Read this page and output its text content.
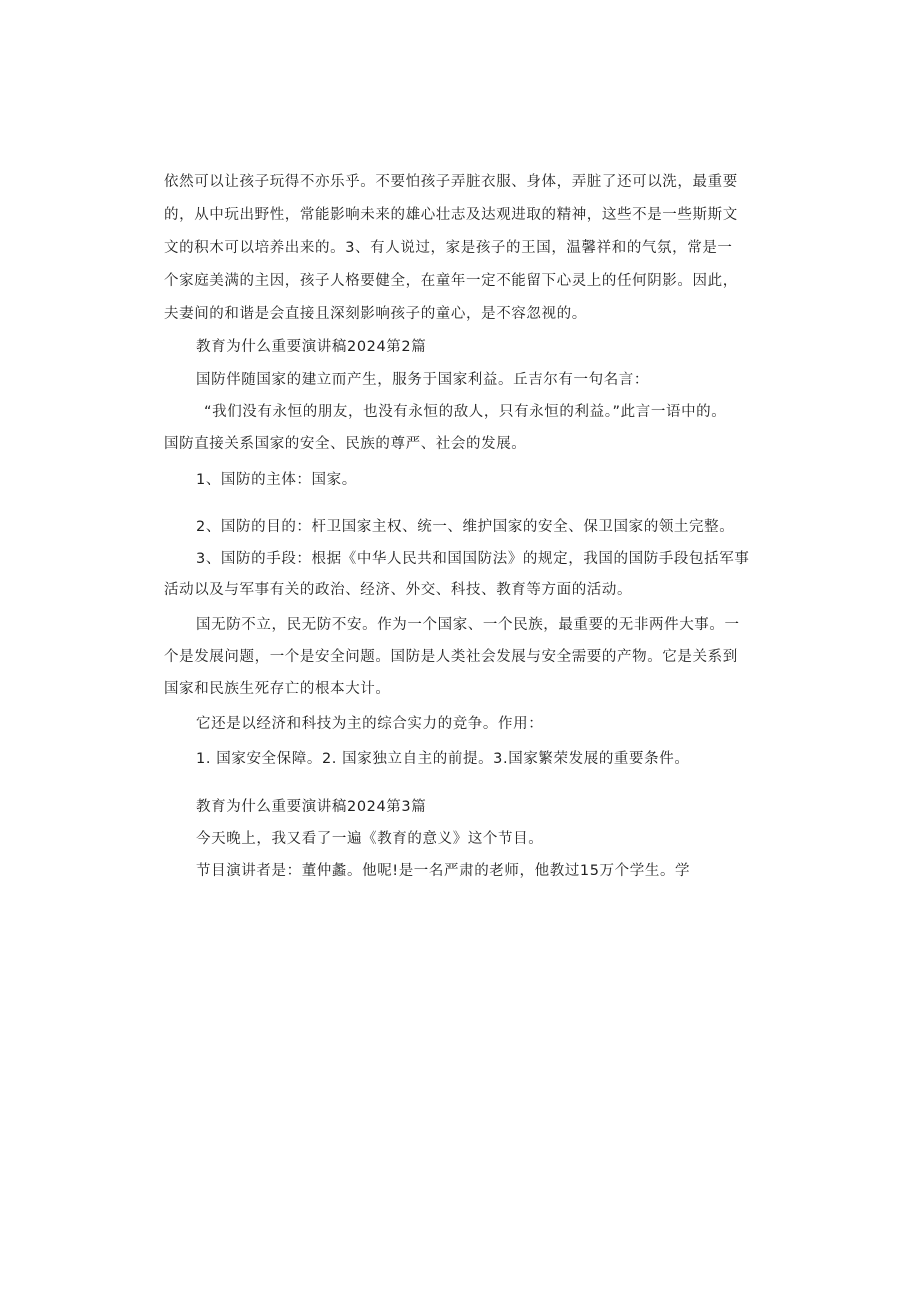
依然可以让孩子玩得不亦乐乎。不要怕孩子弄脏衣服、身体，弄脏了还可以洗，最重要
的，从中玩出野性，常能影响未来的雄心壮志及达观进取的精神，这些不是一些斯斯文
文的积木可以培养出来的。3、有人说过，家是孩子的王国，温馨祥和的气氛，常是一
个家庭美满的主因，孩子人格要健全，在童年一定不能留下心灵上的任何阴影。因此，
夫妻间的和谐是会直接且深刻影响孩子的童心，是不容忽视的。
教育为什么重要演讲稿2024第2篇
国防伴随国家的建立而产生，服务于国家利益。丘吉尔有一句名言：
“我们没有永恒的朋友，也没有永恒的敌人，只有永恒的利益。”此言一语中的。
国防直接关系国家的安全、民族的尊严、社会的发展。
1、国防的主体：国家。
2、国防的目的：杆卫国家主权、统一、维护国家的安全、保卫国家的领土完整。
3、国防的手段：根据《中华人民共和国国防法》的规定，我国的国防手段包括军事
活动以及与军事有关的政治、经济、外交、科技、教育等方面的活动。
国无防不立，民无防不安。作为一个国家、一个民族，最重要的无非两件大事。一
个是发展问题，一个是安全问题。国防是人类社会发展与安全需要的产物。它是关系到
国家和民族生死存亡的根本大计。
它还是以经济和科技为主的综合实力的竞争。作用：
1. 国家安全保障。2. 国家独立自主的前提。3.国家繁荣发展的重要条件。
教育为什么重要演讲稿2024第3篇
今天晚上，我又看了一遍《教育的意义》这个节目。
节目演讲者是：董仲蠡。他呢!是一名严肃的老师，他教过15万个学生。学
